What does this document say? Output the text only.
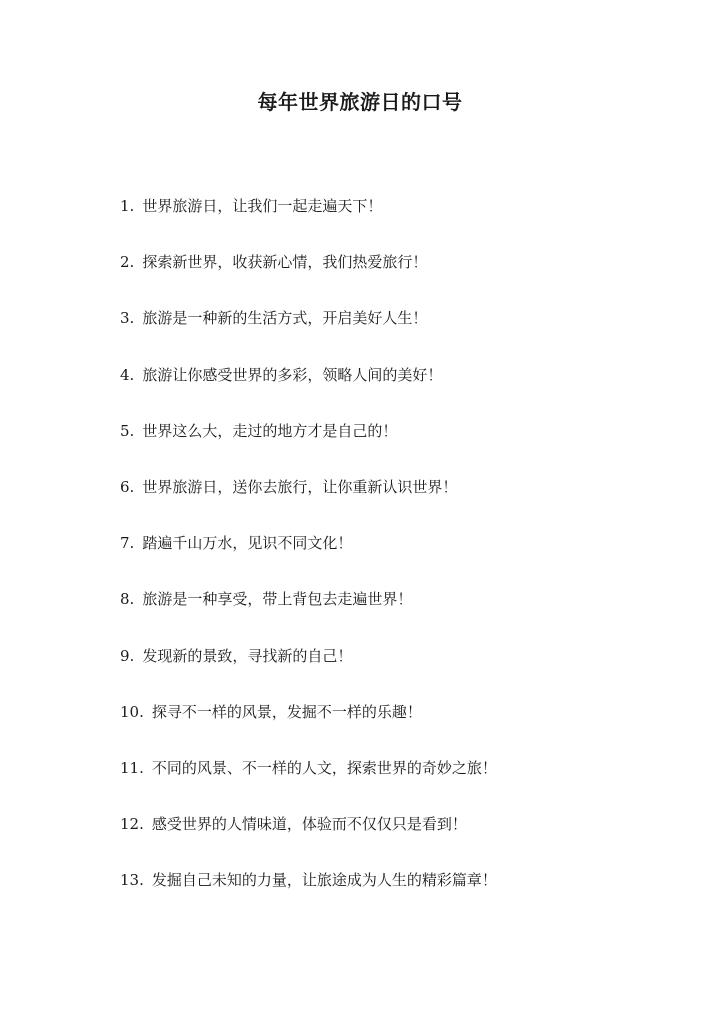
每年世界旅游日的口号
1. 世界旅游日，让我们一起走遍天下！
2. 探索新世界，收获新心情，我们热爱旅行！
3. 旅游是一种新的生活方式，开启美好人生！
4. 旅游让你感受世界的多彩，领略人间的美好！
5. 世界这么大，走过的地方才是自己的！
6. 世界旅游日，送你去旅行，让你重新认识世界！
7. 踏遍千山万水，见识不同文化！
8. 旅游是一种享受，带上背包去走遍世界！
9. 发现新的景致，寻找新的自己！
10. 探寻不一样的风景，发掘不一样的乐趣！
11. 不同的风景、不一样的人文，探索世界的奇妙之旅！
12. 感受世界的人情味道，体验而不仅仅只是看到！
13. 发掘自己未知的力量，让旅途成为人生的精彩篇章！
